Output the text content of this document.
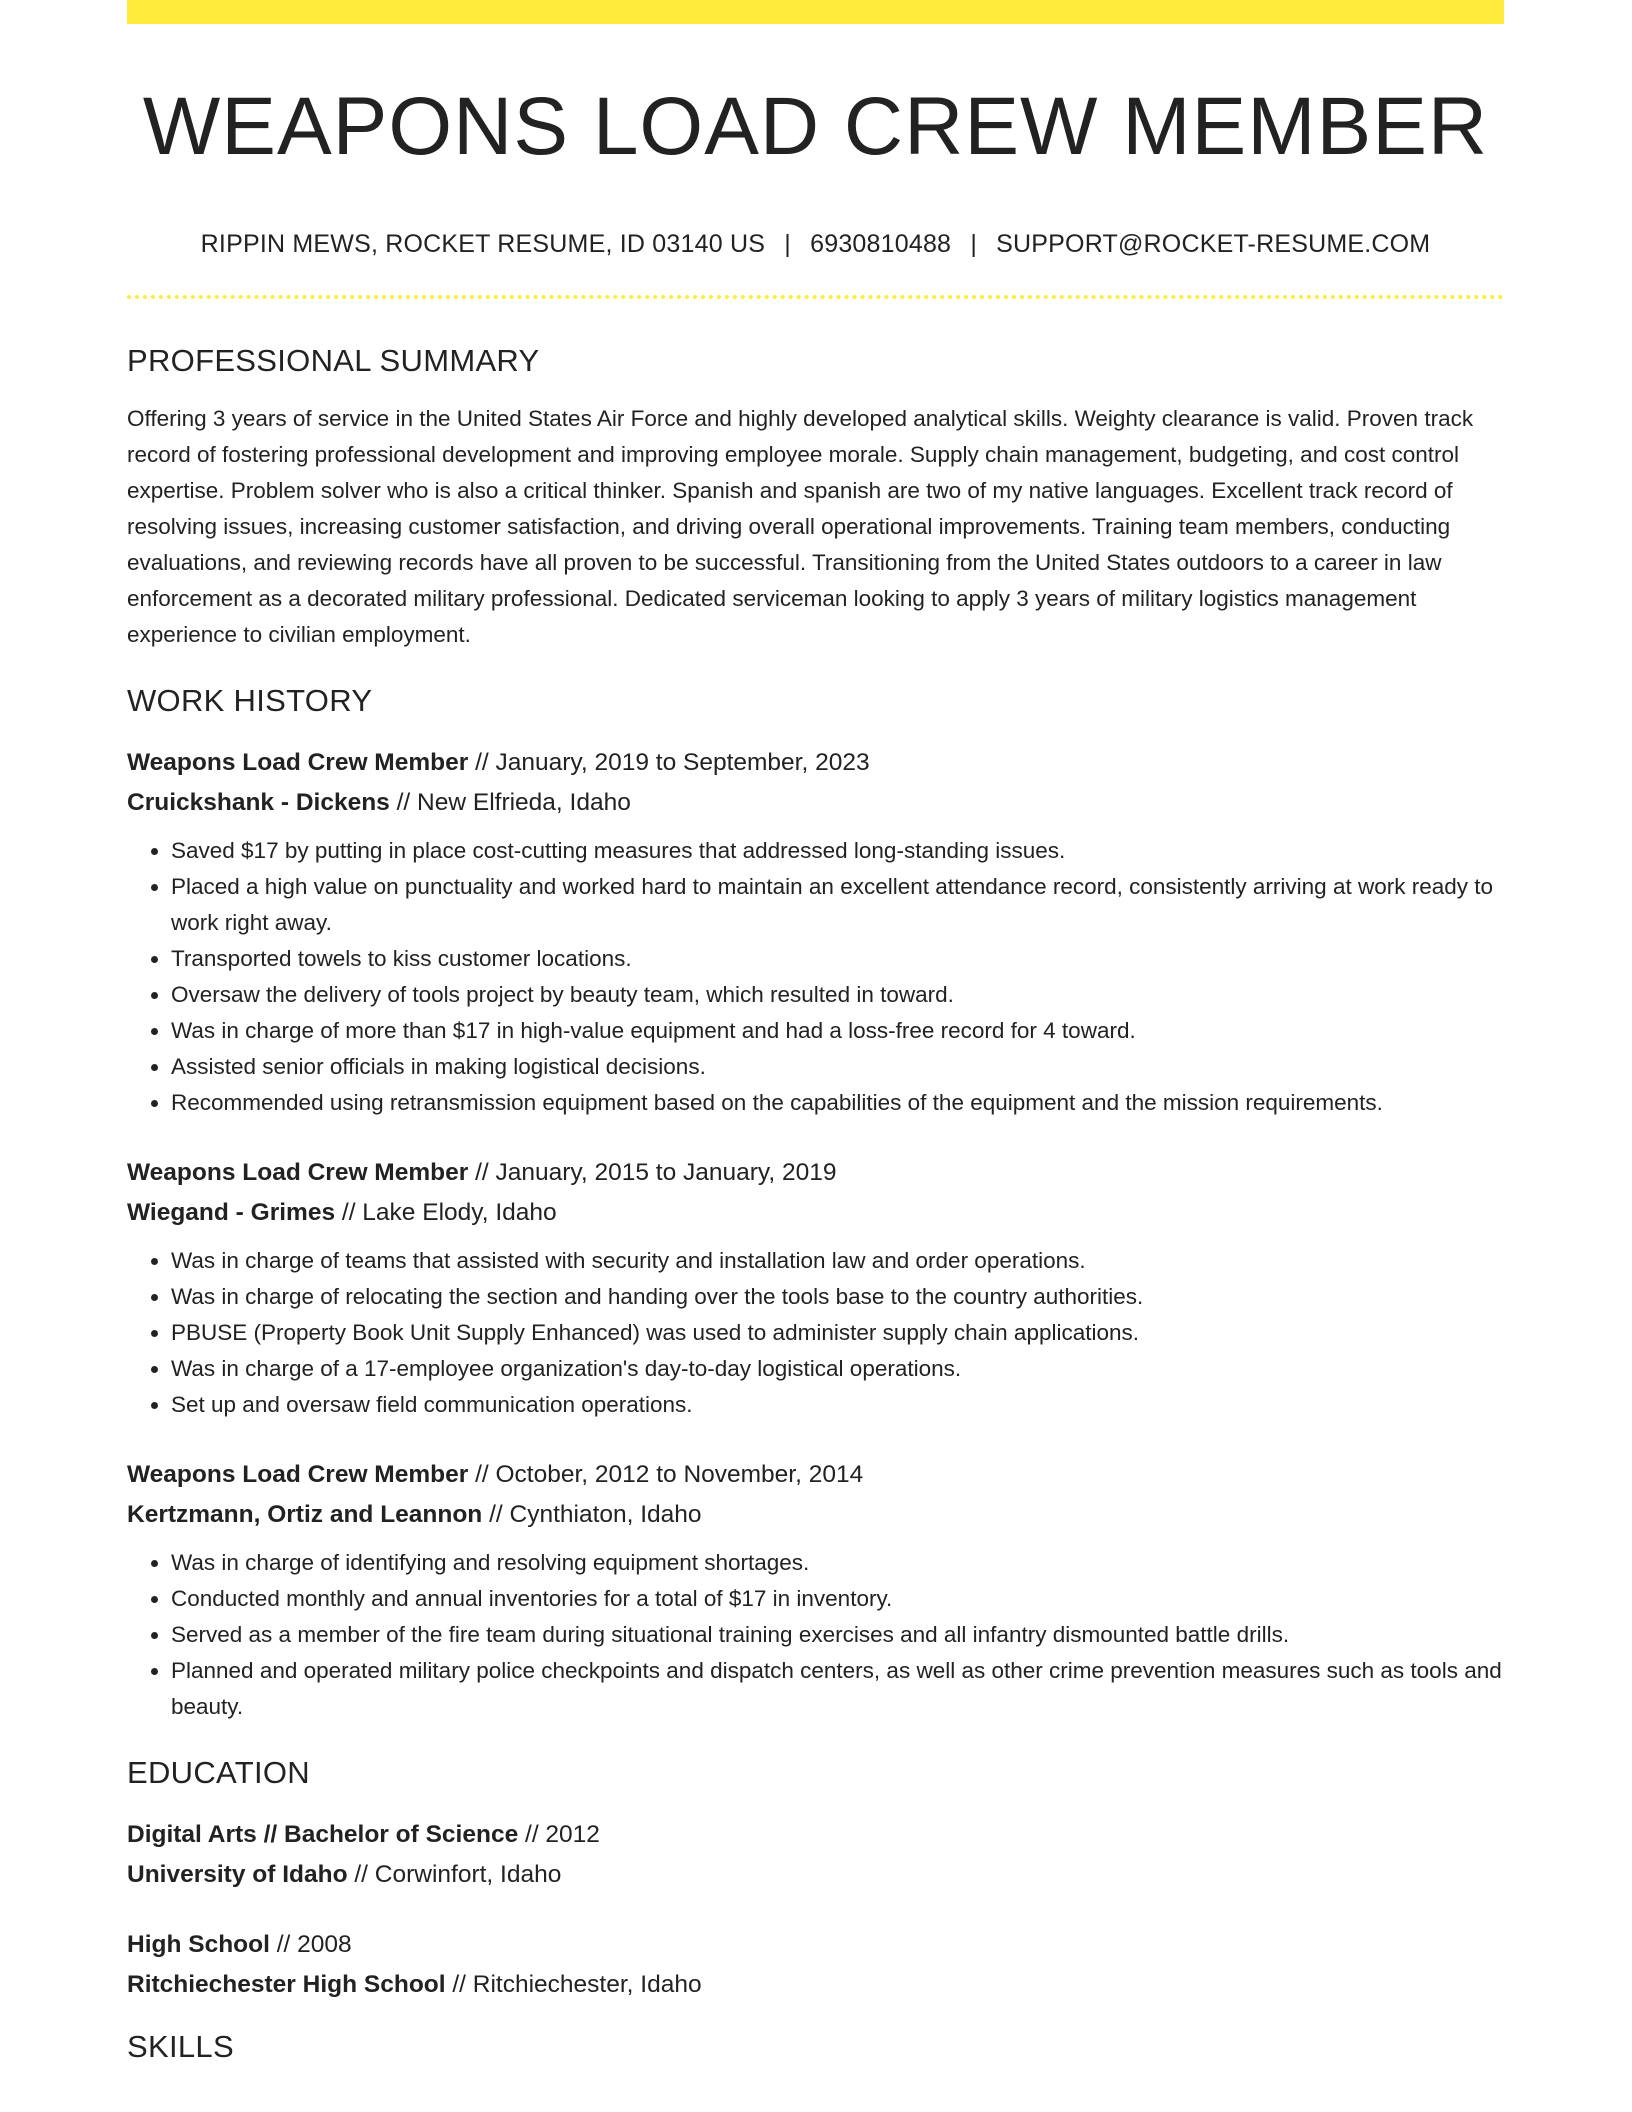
WEAPONS LOAD CREW MEMBER
RIPPIN MEWS, ROCKET RESUME, ID 03140 US | 6930810488 | SUPPORT@ROCKET-RESUME.COM
PROFESSIONAL SUMMARY
Offering 3 years of service in the United States Air Force and highly developed analytical skills. Weighty clearance is valid. Proven track record of fostering professional development and improving employee morale. Supply chain management, budgeting, and cost control expertise. Problem solver who is also a critical thinker. Spanish and spanish are two of my native languages. Excellent track record of resolving issues, increasing customer satisfaction, and driving overall operational improvements. Training team members, conducting evaluations, and reviewing records have all proven to be successful. Transitioning from the United States outdoors to a career in law enforcement as a decorated military professional. Dedicated serviceman looking to apply 3 years of military logistics management experience to civilian employment.
WORK HISTORY
Weapons Load Crew Member // January, 2019 to September, 2023
Cruickshank - Dickens // New Elfrieda, Idaho
• Saved $17 by putting in place cost-cutting measures that addressed long-standing issues.
• Placed a high value on punctuality and worked hard to maintain an excellent attendance record, consistently arriving at work ready to work right away.
• Transported towels to kiss customer locations.
• Oversaw the delivery of tools project by beauty team, which resulted in toward.
• Was in charge of more than $17 in high-value equipment and had a loss-free record for 4 toward.
• Assisted senior officials in making logistical decisions.
• Recommended using retransmission equipment based on the capabilities of the equipment and the mission requirements.
Weapons Load Crew Member // January, 2015 to January, 2019
Wiegand - Grimes // Lake Elody, Idaho
• Was in charge of teams that assisted with security and installation law and order operations.
• Was in charge of relocating the section and handing over the tools base to the country authorities.
• PBUSE (Property Book Unit Supply Enhanced) was used to administer supply chain applications.
• Was in charge of a 17-employee organization's day-to-day logistical operations.
• Set up and oversaw field communication operations.
Weapons Load Crew Member // October, 2012 to November, 2014
Kertzmann, Ortiz and Leannon // Cynthiaton, Idaho
• Was in charge of identifying and resolving equipment shortages.
• Conducted monthly and annual inventories for a total of $17 in inventory.
• Served as a member of the fire team during situational training exercises and all infantry dismounted battle drills.
• Planned and operated military police checkpoints and dispatch centers, as well as other crime prevention measures such as tools and beauty.
EDUCATION
Digital Arts // Bachelor of Science // 2012
University of Idaho // Corwinfort, Idaho
High School // 2008
Ritchiechester High School // Ritchiechester, Idaho
SKILLS
